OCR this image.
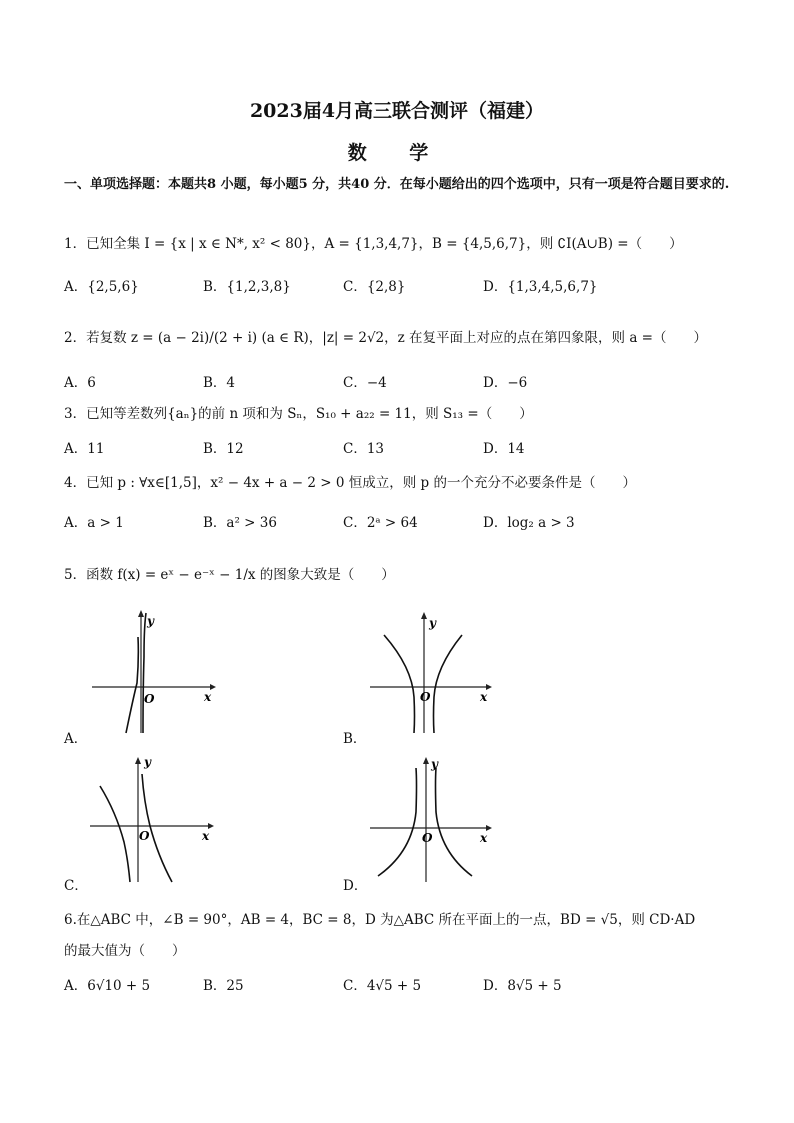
2023届4月高三联合测评（福建）
数 学
一、单项选择题：本题共8 小题，每小题5 分，共40 分．在每小题给出的四个选项中，只有一项是符合题目要求的.
1．已知全集 I = {x | x ∈ N*, x² < 80}，A = {1,3,4,7}，B = {4,5,6,7}，则 ∁I(A∪B) =（　　）
A．{2,5,6}	B．{1,2,3,8}	C．{2,8}	D．{1,3,4,5,6,7}
2．若复数 z = (a − 2i)/(2 + i) (a ∈ R)，|z| = 2√2，z 在复平面上对应的点在第四象限，则 a =（　　）
A．6	B．4	C．−4	D．−6
3．已知等差数列{aₙ}的前 n 项和为 Sₙ，S₁₀ + a₂₂ = 11，则 S₁₃ =（　　）
A．11	B．12	C．13	D．14
4．已知 p : ∀x∈[1,5]，x² − 4x + a − 2 > 0 恒成立，则 p 的一个充分不必要条件是（　　）
A．a > 1	B．a² > 36	C．2ᵃ > 64	D．log₂ a > 3
5．函数 f(x) = eˣ − e⁻ˣ − 1/x 的图象大致是（　　）
y
x
O
A．
y
x
O
B．
y
x
O
C．
y
x
O
D．
6.在△ABC 中，∠B = 90°，AB = 4，BC = 8，D 为△ABC 所在平面上的一点，BD = √5，则 CD·AD
的最大值为（　　）
A．6√10 + 5	B．25	C．4√5 + 5	D．8√5 + 5
